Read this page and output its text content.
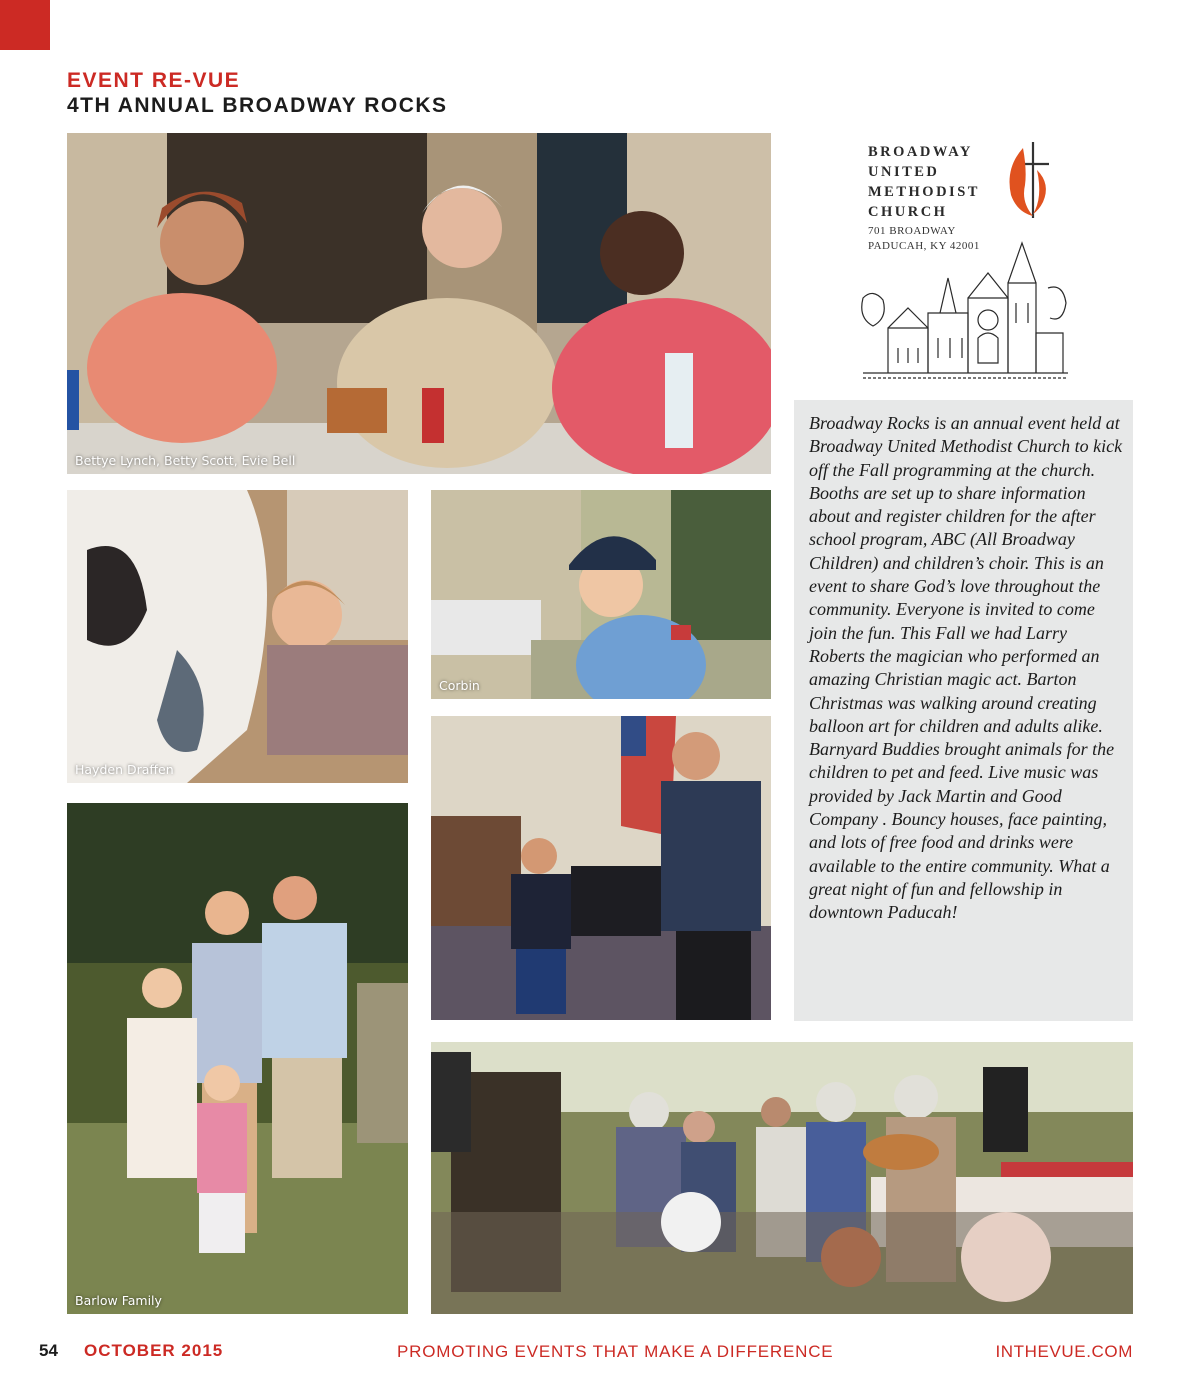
EVENT RE-VUE
4TH ANNUAL BROADWAY ROCKS
Bettye Lynch, Betty Scott, Evie Bell
Hayden Draffen
Corbin
Barlow Family
BROADWAY
UNITED
METHODIST
CHURCH
701 BROADWAY
PADUCAH, KY 42001

Broadway Rocks is an annual event held at Broadway United Methodist Church to kick off the Fall programming at the church. Booths are set up to share information about and register children for the after school program, ABC (All Broadway Children) and children’s choir. This is an event to share God’s love throughout the community. Everyone is invited to come join the fun. This Fall we had Larry Roberts the magician who performed an amazing Christian magic act. Barton Christmas was walking around creating balloon art for children and adults alike. Barnyard Buddies brought animals for the children to pet and feed. Live music was provided by Jack Martin and Good Company . Bouncy houses, face painting, and lots of free food and drinks were available to the entire community. What a great night of fun and fellowship in downtown Paducah!

54 OCTOBER 2015	PROMOTING EVENTS THAT MAKE A DIFFERENCE	INTHEVUE.COM
